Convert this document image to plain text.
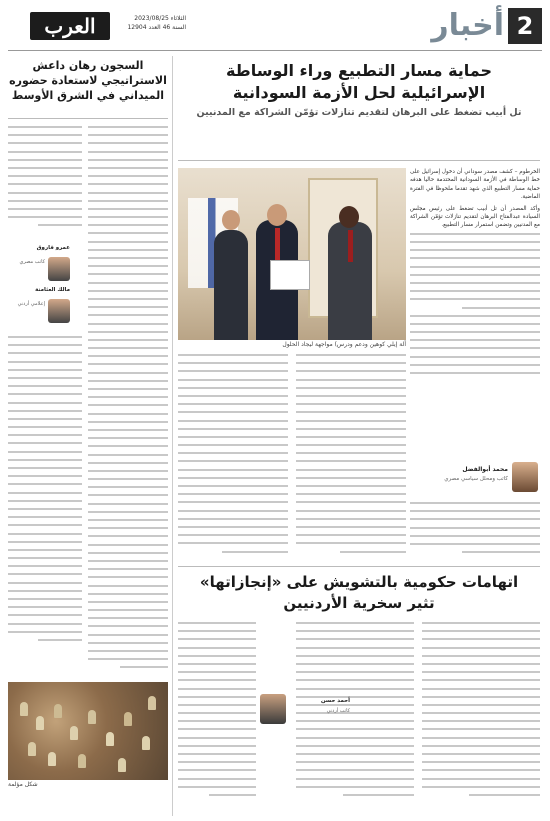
2
أخبار
العرب	الثلاثاء 2023/08/25
السنة 46 العدد 12904
حماية مسار التطبيع وراء الوساطة
الإسرائيلية لحل الأزمة السودانية
تل أبيب تضغط على البرهان لتقديم تنازلات تؤمّن الشراكة مع المدنيين
ألة إيلي كوهين ودعم ودرس) مواجهة ليجاد الحلول

الخرطوم – كشف مصدر سوداني أن دخول إسرائيل على خط الوساطة في الأزمة السودانية المحتدمة حاليا هدفه حماية مسار التطبيع الذي شهد تقدما ملحوظا في الفترة الماضية.

وأكد المصدر أن تل أبيب تضغط على رئيس مجلس السيادة عبدالفتاح البرهان لتقديم تنازلات تؤمّن الشراكة مع المدنيين وتضمن استمرار مسار التطبيع.

محمد أبوالفضل
كاتب ومحلل سياسي مصري
اتهامات حكومية بالتشويش على «إنجازاتها»
تثير سخرية الأردنيين
أحمد حسن
كاتب أردني
السجون رهان داعش
الاستراتيجي لاستعادة حضوره
الميداني في الشرق الأوسط
عمرو فاروق
كاتب مصري
مالك العثامنة
إعلامي أردني
شكل مؤلمة
